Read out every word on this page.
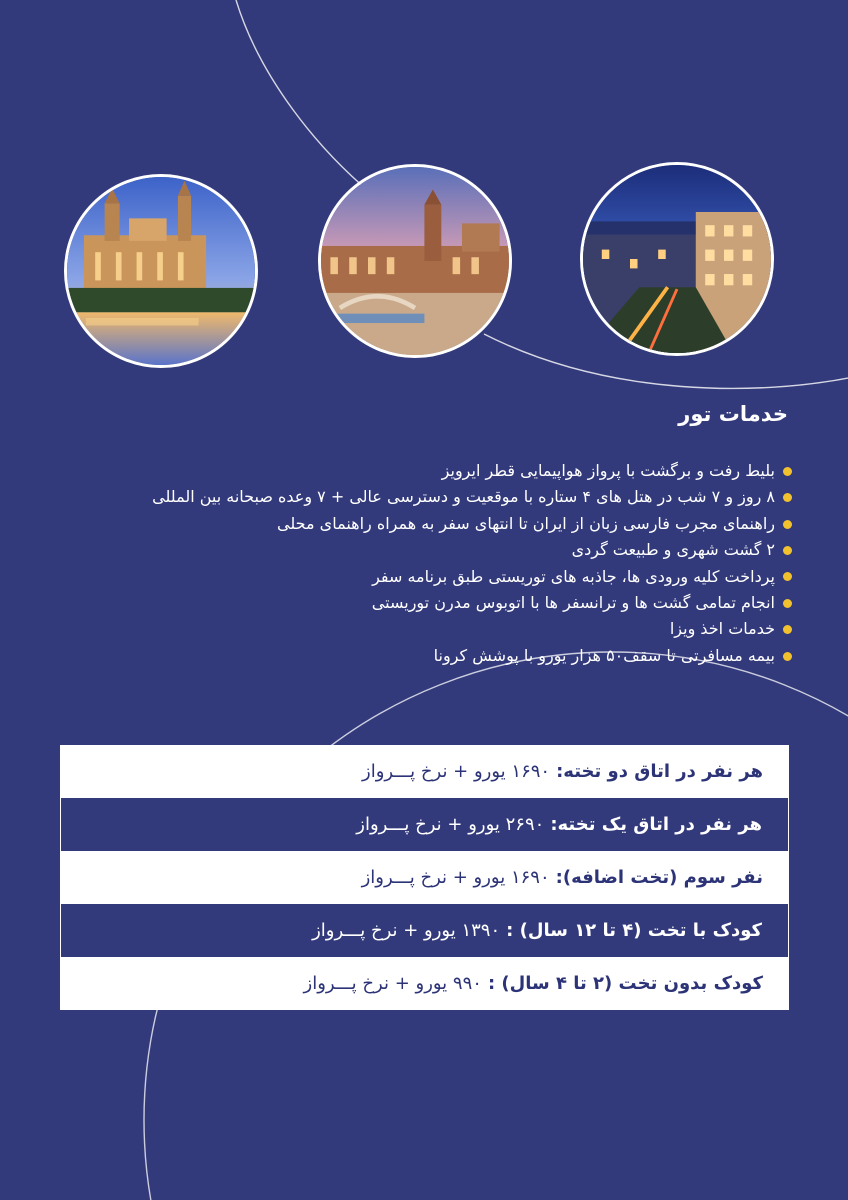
خدمات تور
بلیط رفت و برگشت با پرواز هواپیمایی قطر ایرویز
۸ روز و ۷ شب در هتل های ۴ ستاره با موقعیت و دسترسی عالی + ۷ وعده صبحانه بین المللی
راهنمای مجرب فارسی زبان از ایران تا انتهای سفر به همراه راهنمای محلی
۲ گشت شهری و طبیعت گردی
پرداخت کلیه ورودی ها، جاذبه های توریستی طبق برنامه سفر
انجام تمامی گشت ها و ترانسفر ها با اتوبوس مدرن توریستی
خدمات اخذ ویزا
بیمه مسافرتی تا سقف۵۰ هزار یورو با پوشش کرونا
هر نفر در اتاق دو تخته:
۱۶۹۰ یورو + نرخ پـــرواز
هر نفر در اتاق یک تخته:
۲۶۹۰ یورو + نرخ پـــرواز
نفر سوم (تخت اضافه):
۱۶۹۰ یورو + نرخ پـــرواز
کودک با تخت (۴ تا ۱۲ سال) :
۱۳۹۰ یورو + نرخ پـــرواز
کودک بدون تخت (۲ تا ۴ سال) :
۹۹۰ یورو + نرخ پـــرواز
